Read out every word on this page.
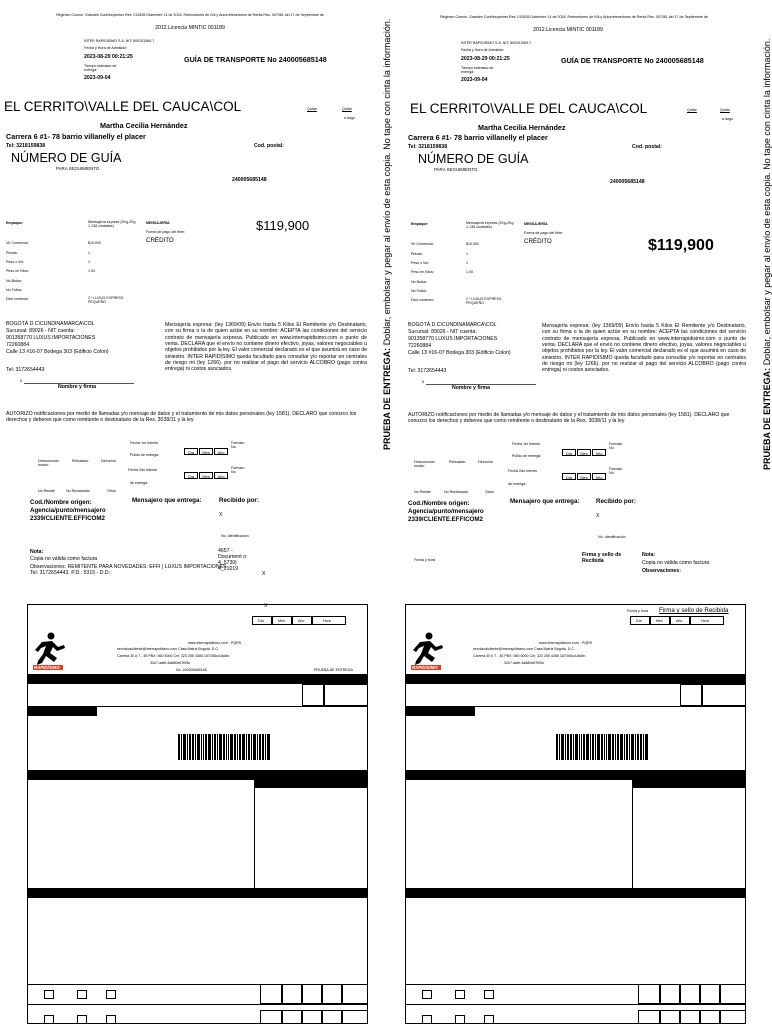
Régimen Común. Grandes Contribuyentes Res. 012635 Diciembre 14 de 2018. Retenedores de IVA y Autorretenedores de Renta Res. 007061 del 17 de Septiembre de
2012.Licencia MINTIC 001189
INTER RAPIDISIMO S.A. NIT: 800251569-7
Fecha y Hora de Admisión:
2023-08-29 00:21:25
Tiempo estimado de entrega:
2023-09-04
GUÍA DE TRANSPORTE No 240005685148
EL CERRITO\VALLE DEL CAUCA\COL	Quitar	Quitar
a largo
Martha Cecilia Hernández
Carrera 6 #1- 78 barrio villanelly el placer
Tel: 3218159838	Cod. postal:
NÚMERO DE GUÍA
PARA SEGUIMIENTO
240005685148
Empaque:	Mensajería express (2Kg-2Kg 1-138 ciudades)
Vlr Comercial:	$10,000
Piezas:	1
Peso x Vol:	1
Peso en Kilos:	1.00
No Bolsa:
No Folios:
Dice contener:	2 * LUXUS EXPRESS PEQUEÑO
MENSAJERÍA
Forma de pago del flete:
CRÉDITO
$119,900
BOGOTÁ D.C\CUNDINAMARCA\COL
Sucursal: 89026 - NIT cuenta:
901358770 LUXUS IMPORTACIONES
72260884
Calle 13 #16-07 Bodega 303 (Edificio Colon)
Tel: 3172654443
x
Nombre y firma
Mensajería expresa: (ley 1369/09) Envío hasta 5 Kilos El Remitente y/o Destinatario, con su firma o la de quien actúe en su nombre: ACEPTA las condiciones del servicio contrato de mensajería expresa. Publicado en www.interrapidisimo.com o punto de venta. DECLARA que el envío no contiene dinero efectivo, joyas, valores negociables u objetos prohibidos por la ley. El valor comercial declarado es el que asumirá en caso de siniestro. INTER RAPIDÍSIMO queda facultado para consultar y/o reportar en centrales de riesgo mi (ley 1266). por no realizar el pago del servicio ALCOBRO (pago contra entrega) ni costos asociados.
AUTORIZO notificaciones por medio de llamadas y/o mensaje de datos y el tratamiento de mis datos personales (ley 1581). DECLARO que conozco los derechos y deberes que como remitente o destinatario de la Res. 3038/11 y la ley
Fecha 1er Intento
Pulldo de entrega:	Día	Mes	Año
Formato No.
Desconocido errado
Rehusado	Dirección
Fecha 2do Intento
de entrega:
Día	Mes	Año
Formato No.
No Reside	No Reclamado	Otros
Cod./Nombre origen:
Agencia/punto/mensajero
2339/CLIENTE.EFFICOM2
Mensajero que entrega:	Recibido por:
X
No. Identificación
Nota:
Copia no válida como factura
Observaciones: REMITENTE PARA NOVEDADES: EFFI | LUXUS IMPORTACIONES Tel: 3172654443. P.D.: 5315 - D.D.:
4657 - Document o: 4_5730| 4_21019
X
X
Día	Mes	Año	Hora
RAPIDÍSIMO
www.interrapidisimo.com - PQRS
servicioalcliente@interrapidisimo.com Casa Matriz Bogotá. D.C.
Carrera 30 # 7 - 45 PBX: 560 5000 Cel: 323 255 4385 187308cd-8a5e-
32e7-aafe-4a880e67f05c
No. 240005685148	PRUEBA DE ENTREGA
PRUEBA DE ENTREGA: Doblar, embolsar y pegar al envío de esta copia. No tape con cinta la información.
Régimen Común. Grandes Contribuyentes Res. 012635 Diciembre 14 de 2018. Retenedores de IVA y Autorretenedores de Renta Res. 007061 del 17 de Septiembre de
2012.Licencia MINTIC 001189
INTER RAPIDISIMO S.A. NIT: 800251569-7
Fecha y Hora de Admisión:
2023-08-29 00:21:25
Tiempo estimado de entrega:
2023-09-04
GUÍA DE TRANSPORTE No 240005685148
EL CERRITO\VALLE DEL CAUCA\COL	Quitar	Quitar
a largo
Martha Cecilia Hernández
Carrera 6 #1- 78 barrio villanelly el placer
Tel: 3218159838	Cod. postal:
NÚMERO DE GUÍA
PARA SEGUIMIENTO
240005685148
Empaque:	Mensajería express (2Kg-2Kg 1-138 ciudades)
Vlr Comercial:	$10,000
Piezas:	1
Peso x Vol:	1
Peso en Kilos:	1.00
No Bolsa:
No Folios:
Dice contener:	2 * LUXUS EXPRESS PEQUEÑO
MENSAJERÍA
Forma de pago del flete:
CRÉDITO	$119,900
BOGOTÁ D.C\CUNDINAMARCA\COL
Sucursal: 89026 - NIT cuenta:
901358770 LUXUS IMPORTACIONES
72260884
Calle 13 #16-07 Bodega 303 (Edificio Colon)
Tel: 3172654443
x
Nombre y firma
Mensajería expresa: (ley 1369/09) Envío hasta 5 Kilos El Remitente y/o Destinatario, con su firma o la de quien actúe en su nombre: ACEPTA las condiciones del servicio contrato de mensajería expresa. Publicado en www.interrapidisimo.com o punto de venta. DECLARA que el envío no contiene dinero efectivo, joyas, valores negociables u objetos prohibidos por la ley. El valor comercial declarado es el que asumirá en caso de siniestro. INTER RAPIDÍSIMO queda facultado para consultar y/o reportar en centrales de riesgo mi (ley 1266). por no realizar el pago del servicio ALCOBRO (pago contra entrega) ni costos asociados.
AUTORIZO notificaciones por medio de llamadas y/o mensaje de datos y el tratamiento de mis datos personales (ley 1581). DECLARO que conozco los derechos y deberes que como remitente o destinatario de la Res. 3038/11 y la ley
Fecha 1er Intento
Pulldo de entrega:	Día	Mes	Año
Formato No.
Desconocido errado
Rehusado	Dirección
Fecha 2do Intento
de entrega:
Día	Mes	Año
Formato No.
No Reside	No Reclamado	Otros
Cod./Nombre origen:
Agencia/punto/mensajero
2339/CLIENTE.EFFICOM2
Mensajero que entrega:	Recibido por:
X
No. Identificación
Fecha y hora
Firma y sello de Recibida
Nota:
Copia no válida como factura
Observaciones:
Fecha y hora Firma y sello de Recibida
Día	Mes	Año	Hora
RAPIDÍSIMO
www.interrapidisimo.com - PQRS
servicioalcliente@interrapidisimo.com Casa Matriz Bogotá. D.C.
Carrera 30 # 7 - 45 PBX: 560 5000 Cel: 323 255 4385 187308cd-8a5e-
32e7-aafe-4a880e67f05c
PRUEBA DE ENTREGA: Doblar, embolsar y pegar al envío de esta copia. No tape con cinta la información.
